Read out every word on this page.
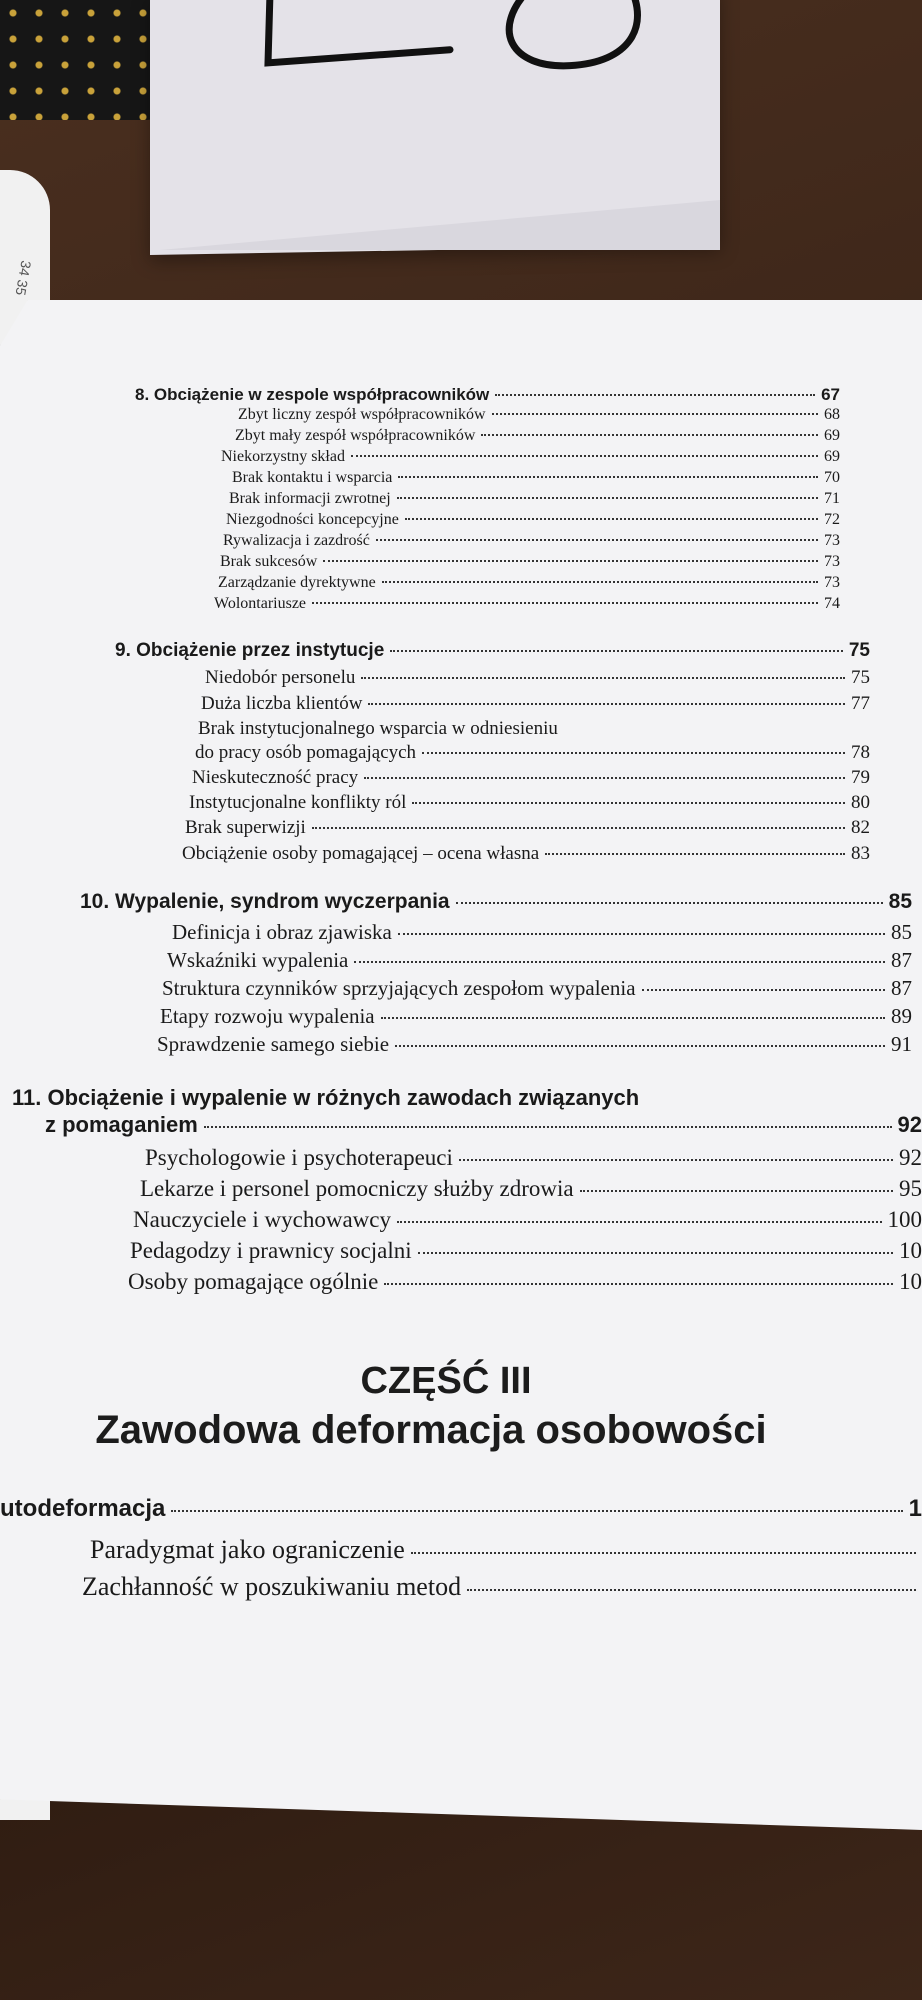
34 35
8. Obciążenie w zespole współpracowników	67
Zbyt liczny zespół współpracowników	68
Zbyt mały zespół współpracowników	69
Niekorzystny skład	69
Brak kontaktu i wsparcia	70
Brak informacji zwrotnej	71
Niezgodności koncepcyjne	72
Rywalizacja i zazdrość	73
Brak sukcesów	73
Zarządzanie dyrektywne	73
Wolontariusze	74
9. Obciążenie przez instytucje	75
Niedobór personelu	75
Duża liczba klientów	77
Brak instytucjonalnego wsparcia w odniesieniu
do pracy osób pomagających	78
Nieskuteczność pracy	79
Instytucjonalne konflikty ról	80
Brak superwizji	82
Obciążenie osoby pomagającej – ocena własna	83
10. Wypalenie, syndrom wyczerpania	85
Definicja i obraz zjawiska	85
Wskaźniki wypalenia	87
Struktura czynników sprzyjających zespołom wypalenia	87
Etapy rozwoju wypalenia	89
Sprawdzenie samego siebie	91
11. Obciążenie i wypalenie w różnych zawodach związanych
z pomaganiem	92
Psychologowie i psychoterapeuci	92
Lekarze i personel pomocniczy służby zdrowia	95
Nauczyciele i wychowawcy	100
Pedagodzy i prawnicy socjalni	10
Osoby pomagające ogólnie	10
CZĘŚĆ III
Zawodowa deformacja osobowości
utodeformacja	1
Paradygmat jako ograniczenie
Zachłanność w poszukiwaniu metod
